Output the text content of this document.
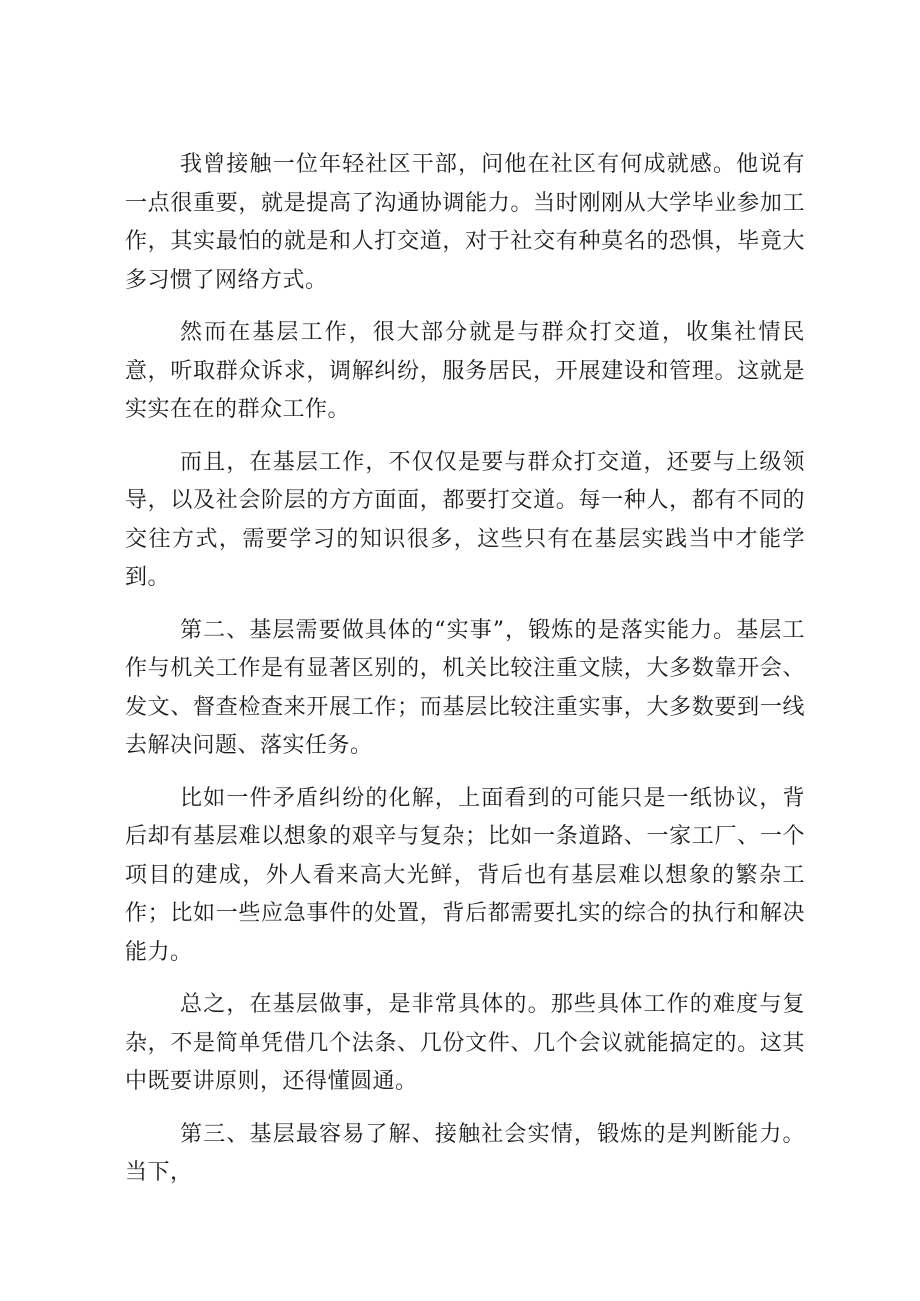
我曾接触一位年轻社区干部，问他在社区有何成就感。他说有一点很重要，就是提高了沟通协调能力。当时刚刚从大学毕业参加工作，其实最怕的就是和人打交道，对于社交有种莫名的恐惧，毕竟大多习惯了网络方式。

然而在基层工作，很大部分就是与群众打交道，收集社情民意，听取群众诉求，调解纠纷，服务居民，开展建设和管理。这就是实实在在的群众工作。

而且，在基层工作，不仅仅是要与群众打交道，还要与上级领导，以及社会阶层的方方面面，都要打交道。每一种人，都有不同的交往方式，需要学习的知识很多，这些只有在基层实践当中才能学到。

第二、基层需要做具体的“实事”，锻炼的是落实能力。基层工作与机关工作是有显著区别的，机关比较注重文牍，大多数靠开会、发文、督查检查来开展工作；而基层比较注重实事，大多数要到一线去解决问题、落实任务。

比如一件矛盾纠纷的化解，上面看到的可能只是一纸协议，背后却有基层难以想象的艰辛与复杂；比如一条道路、一家工厂、一个项目的建成，外人看来高大光鲜，背后也有基层难以想象的繁杂工作；比如一些应急事件的处置，背后都需要扎实的综合的执行和解决能力。

总之，在基层做事，是非常具体的。那些具体工作的难度与复杂，不是简单凭借几个法条、几份文件、几个会议就能搞定的。这其中既要讲原则，还得懂圆通。

第三、基层最容易了解、接触社会实情，锻炼的是判断能力。当下，
